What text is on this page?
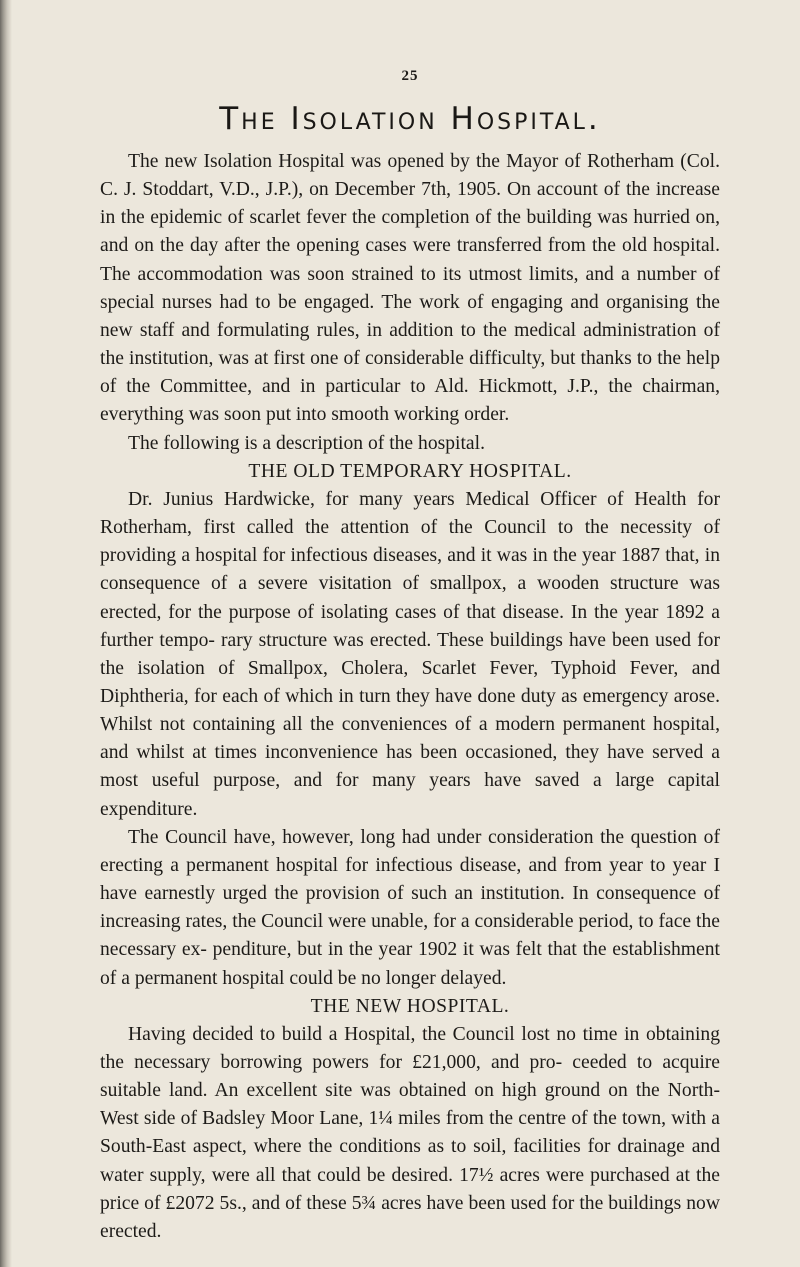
25
The Isolation Hospital.

The new Isolation Hospital was opened by the Mayor of Rotherham (Col. C. J. Stoddart, V.D., J.P.), on December 7th, 1905. On account of the increase in the epidemic of scarlet fever the completion of the building was hurried on, and on the day after the opening cases were transferred from the old hospital. The accommodation was soon strained to its utmost limits, and a number of special nurses had to be engaged. The work of engaging and organising the new staff and formulating rules, in addition to the medical administration of the institution, was at first one of considerable difficulty, but thanks to the help of the Committee, and in particular to Ald. Hickmott, J.P., the chairman, everything was soon put into smooth working order.

The following is a description of the hospital.

THE OLD TEMPORARY HOSPITAL.

Dr. Junius Hardwicke, for many years Medical Officer of Health for Rotherham, first called the attention of the Council to the necessity of providing a hospital for infectious diseases, and it was in the year 1887 that, in consequence of a severe visitation of smallpox, a wooden structure was erected, for the purpose of isolating cases of that disease. In the year 1892 a further tempo- rary structure was erected. These buildings have been used for the isolation of Smallpox, Cholera, Scarlet Fever, Typhoid Fever, and Diphtheria, for each of which in turn they have done duty as emergency arose. Whilst not containing all the conveniences of a modern permanent hospital, and whilst at times inconvenience has been occasioned, they have served a most useful purpose, and for many years have saved a large capital expenditure.

The Council have, however, long had under consideration the question of erecting a permanent hospital for infectious disease, and from year to year I have earnestly urged the provision of such an institution. In consequence of increasing rates, the Council were unable, for a considerable period, to face the necessary ex- penditure, but in the year 1902 it was felt that the establishment of a permanent hospital could be no longer delayed.

THE NEW HOSPITAL.

Having decided to build a Hospital, the Council lost no time in obtaining the necessary borrowing powers for £21,000, and pro- ceeded to acquire suitable land. An excellent site was obtained on high ground on the North-West side of Badsley Moor Lane, 1¼ miles from the centre of the town, with a South-East aspect, where the conditions as to soil, facilities for drainage and water supply, were all that could be desired. 17½ acres were purchased at the price of £2072 5s., and of these 5¾ acres have been used for the buildings now erected.
